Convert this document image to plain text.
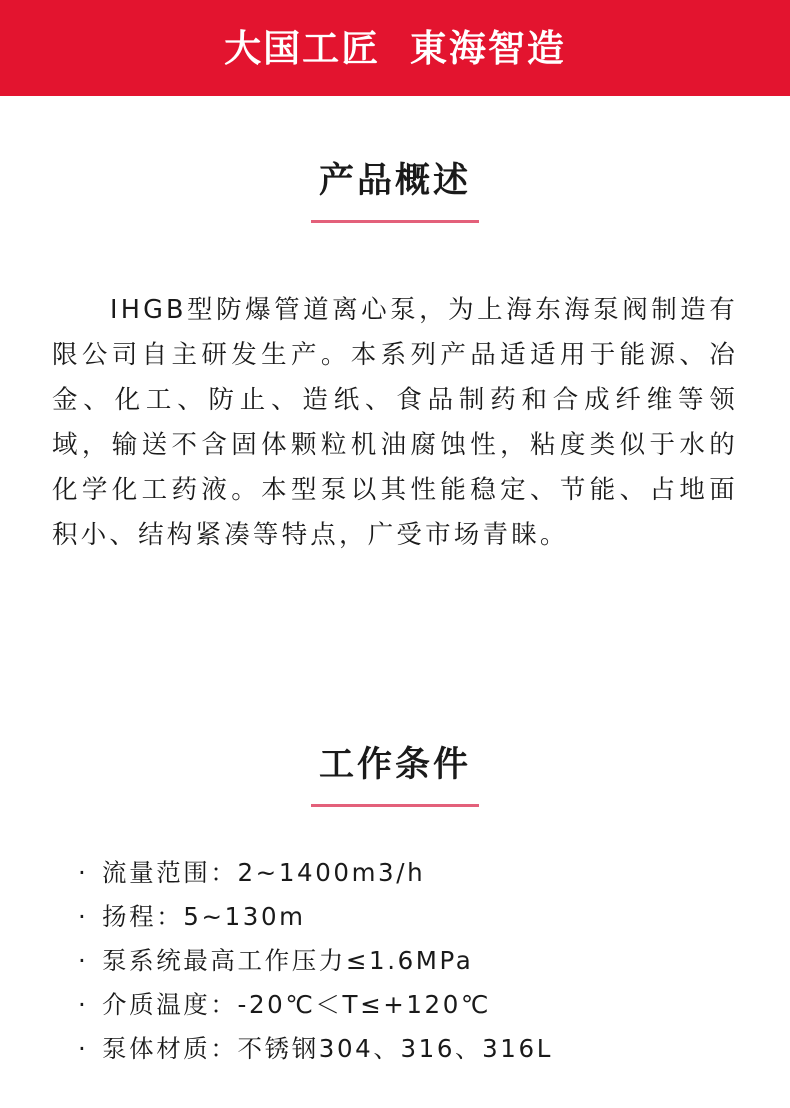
大国工匠  東海智造
产品概述
IHGB型防爆管道离心泵，为上海东海泵阀制造有限公司自主研发生产。本系列产品适适用于能源、冶金、化工、防止、造纸、食品制药和合成纤维等领域，输送不含固体颗粒机油腐蚀性，粘度类似于水的化学化工药液。本型泵以其性能稳定、节能、占地面积小、结构紧凑等特点，广受市场青睐。
工作条件
· 流量范围：2~1400m3/h
· 扬程：5~130m
· 泵系统最高工作压力≤1.6MPa
· 介质温度：-20℃＜T≤+120℃
· 泵体材质：不锈钢304、316、316L
